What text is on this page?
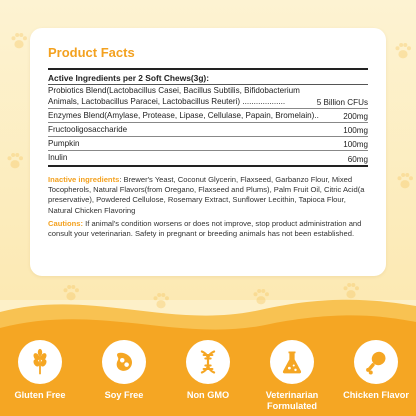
Product Facts
Active Ingredients per 2 Soft Chews(3g):
Probiotics Blend(Lactobacillus Casei, Bacillus Subtilis, Bifidobacterium
Animals, Lactobacillus Paracei, Lactobacillus Reuteri) ...................	5 Billion CFUs
Enzymes Blend(Amylase, Protease, Lipase, Cellulase, Papain, Bromelain)..	200mg
Fructooligosaccharide	100mg
Pumpkin	100mg
Inulin	60mg
Inactive ingredients: Brewer's Yeast, Coconut Glycerin, Flaxseed, Garbanzo Flour, Mixed Tocopherols, Natural Flavors(from Oregano, Flaxseed and Plums), Palm Fruit Oil, Citric Acid(a preservative), Powdered Cellulose, Rosemary Extract, Sunflower Lecithin, Tapioca Flour, Natural Chicken Flavoring
Cautions: If animal's condition worsens or does not improve, stop product administration and consult your veterinarian. Safety in pregnant or breeding animals has not been established.
Gluten Free	Soy Free	Non GMO	Veterinarian Formulated
Chicken Flavor
